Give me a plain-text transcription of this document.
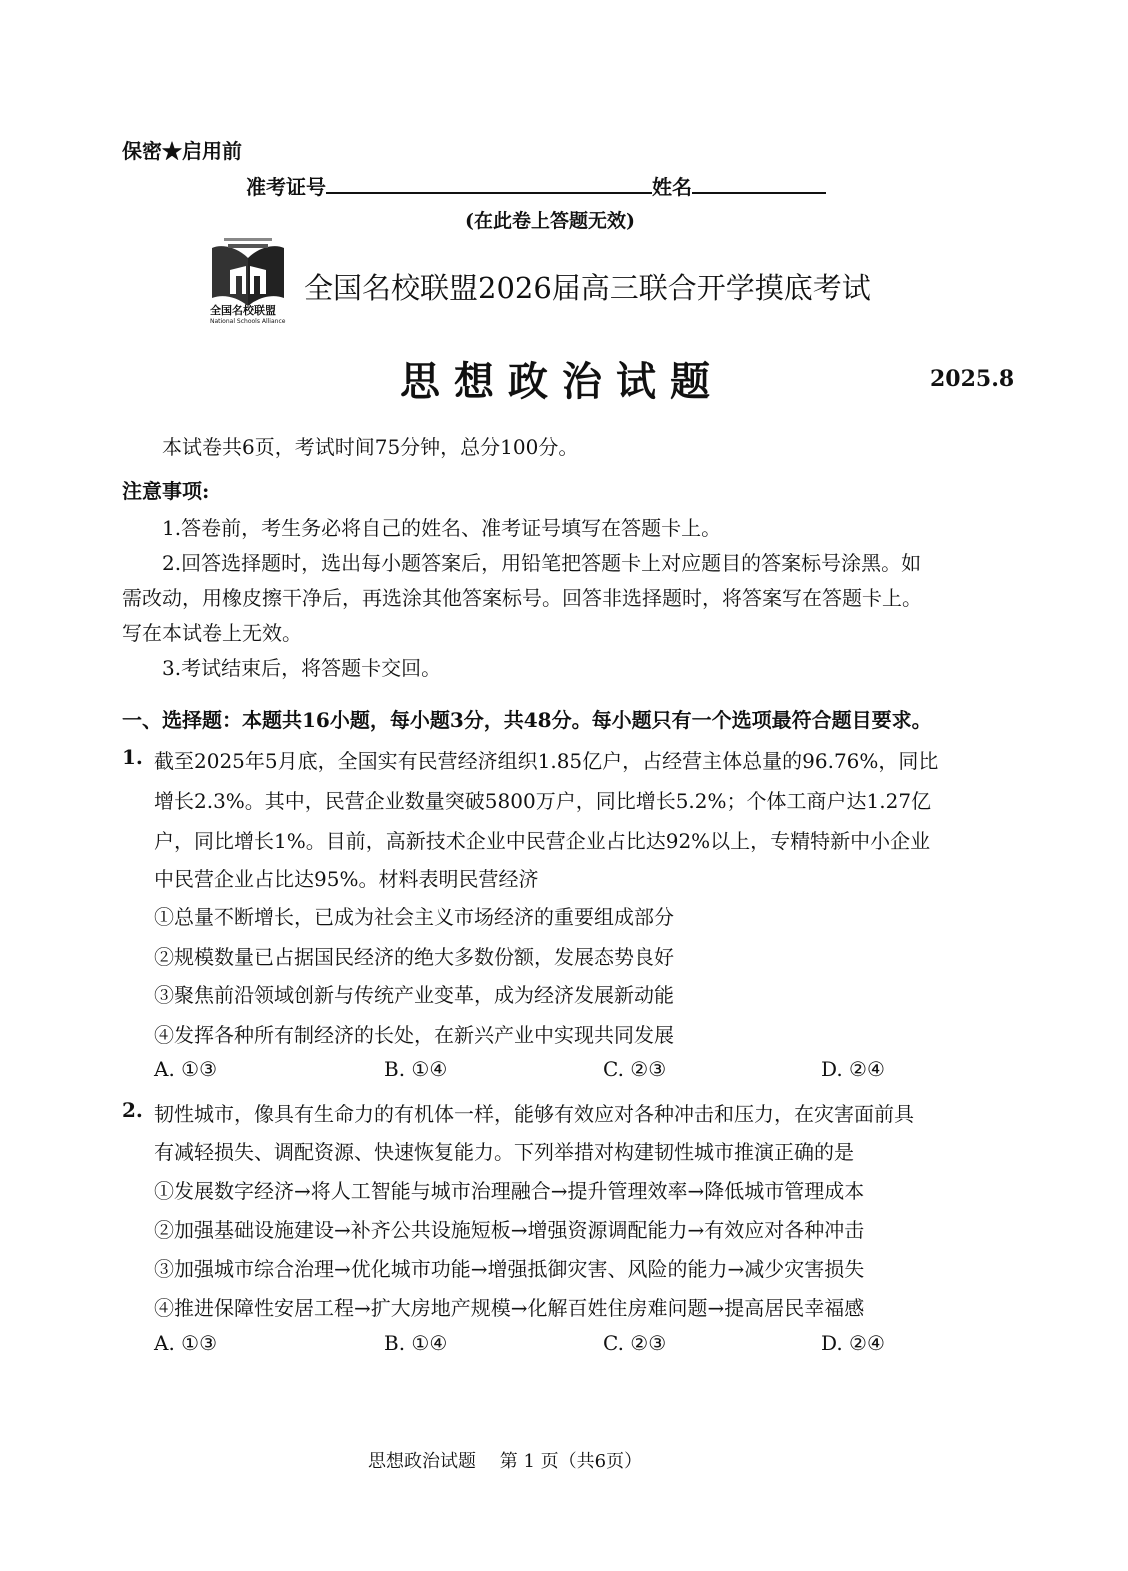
保密★启用前
准考证号	姓名
(在此卷上答题无效)
全国名校联盟
National Schools Alliance
全国名校联盟2026届高三联合开学摸底考试
思想政治试题	2025.8
本试卷共6页，考试时间75分钟，总分100分。
注意事项:
1.答卷前，考生务必将自己的姓名、准考证号填写在答题卡上。
2.回答选择题时，选出每小题答案后，用铅笔把答题卡上对应题目的答案标号涂黑。如
需改动，用橡皮擦干净后，再选涂其他答案标号。回答非选择题时，将答案写在答题卡上。
写在本试卷上无效。
3.考试结束后，将答题卡交回。
一、选择题：本题共16小题，每小题3分，共48分。每小题只有一个选项最符合题目要求。
1. 截至2025年5月底，全国实有民营经济组织1.85亿户，占经营主体总量的96.76%，同比
增长2.3%。其中，民营企业数量突破5800万户，同比增长5.2%；个体工商户达1.27亿
户，同比增长1%。目前，高新技术企业中民营企业占比达92%以上，专精特新中小企业
中民营企业占比达95%。材料表明民营经济
①总量不断增长，已成为社会主义市场经济的重要组成部分
②规模数量已占据国民经济的绝大多数份额，发展态势良好
③聚焦前沿领域创新与传统产业变革，成为经济发展新动能
④发挥各种所有制经济的长处，在新兴产业中实现共同发展
A. ①③	B. ①④	C. ②③	D. ②④
2. 韧性城市，像具有生命力的有机体一样，能够有效应对各种冲击和压力，在灾害面前具
有减轻损失、调配资源、快速恢复能力。下列举措对构建韧性城市推演正确的是
①发展数字经济→将人工智能与城市治理融合→提升管理效率→降低城市管理成本
②加强基础设施建设→补齐公共设施短板→增强资源调配能力→有效应对各种冲击
③加强城市综合治理→优化城市功能→增强抵御灾害、风险的能力→减少灾害损失
④推进保障性安居工程→扩大房地产规模→化解百姓住房难问题→提高居民幸福感
A. ①③	B. ①④	C. ②③	D. ②④
思想政治试题　 第 1 页（共6页）
